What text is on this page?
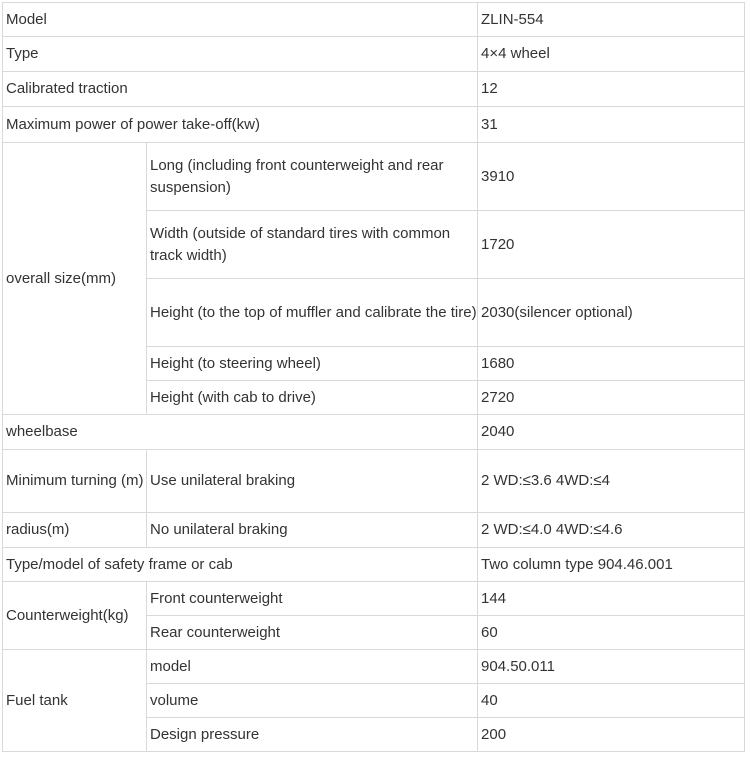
Model		ZLIN-554
Type		4×4 wheel
Calibrated traction		12
Maximum power of power take-off(kw)		31
overall size(mm)	Long (including front counterweight and rear suspension)	3910
	Width (outside of standard tires with common track width)	1720
	Height (to the top of muffler and calibrate the tire)	2030(silencer optional)
	Height (to steering wheel)	1680
	Height (with cab to drive)	2720
wheelbase		2040
Minimum turning (m)	Use unilateral braking	2 WD:≤3.6 4WD:≤4
radius(m)	No unilateral braking	2 WD:≤4.0 4WD:≤4.6
Type/model of safety frame or cab		Two column type 904.46.001
Counterweight(kg)	Front counterweight	144
	Rear counterweight	60
Fuel tank	model	904.50.011
	volume	40
	Design pressure	200
